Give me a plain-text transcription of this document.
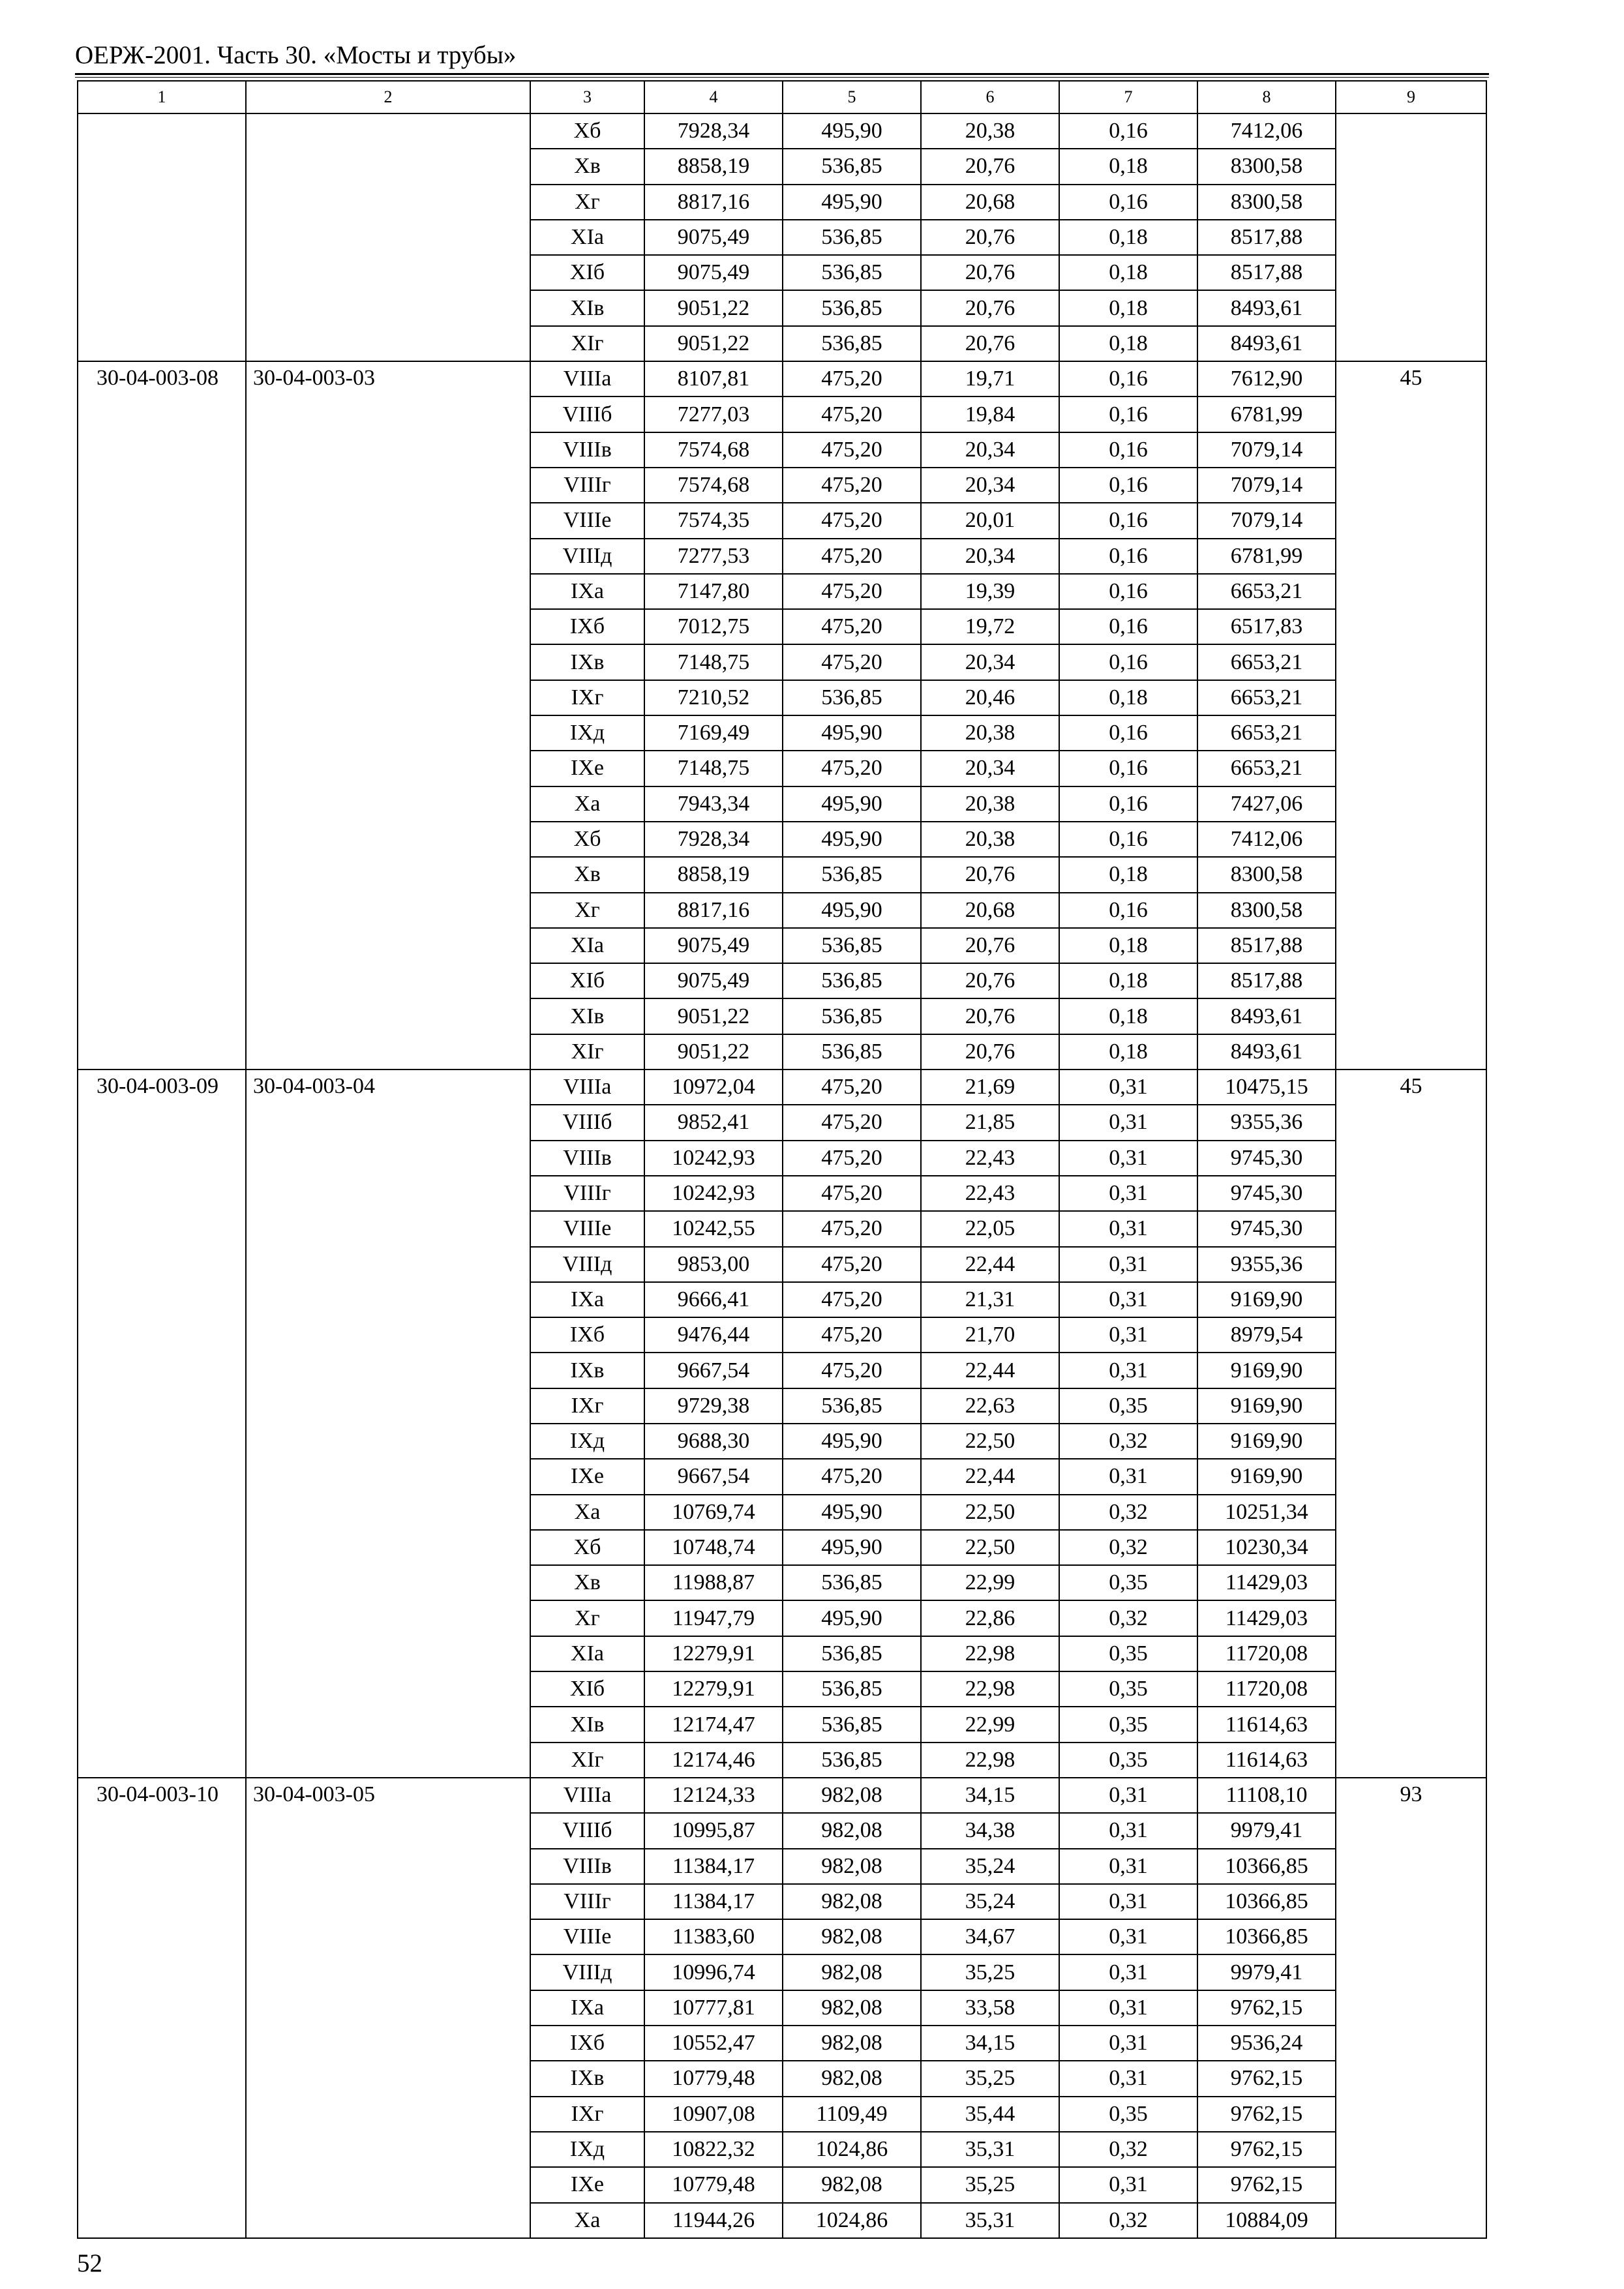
ОЕРЖ-2001. Часть 30. «Мосты и трубы»
1	2	3	4	5	6	7	8	9
		Хб	7928,34	495,90	20,38	0,16	7412,06	
		Хв	8858,19	536,85	20,76	0,18	8300,58	
		Хг	8817,16	495,90	20,68	0,16	8300,58	
		ХIа	9075,49	536,85	20,76	0,18	8517,88	
		ХIб	9075,49	536,85	20,76	0,18	8517,88	
		ХIв	9051,22	536,85	20,76	0,18	8493,61	
		ХIг	9051,22	536,85	20,76	0,18	8493,61	
30-04-003-08	30-04-003-03	VIIIа	8107,81	475,20	19,71	0,16	7612,90	45
		VIIIб	7277,03	475,20	19,84	0,16	6781,99	
		VIIIв	7574,68	475,20	20,34	0,16	7079,14	
		VIIIг	7574,68	475,20	20,34	0,16	7079,14	
		VIIIе	7574,35	475,20	20,01	0,16	7079,14	
		VIIIд	7277,53	475,20	20,34	0,16	6781,99	
		IХа	7147,80	475,20	19,39	0,16	6653,21	
		IХб	7012,75	475,20	19,72	0,16	6517,83	
		IХв	7148,75	475,20	20,34	0,16	6653,21	
		IХг	7210,52	536,85	20,46	0,18	6653,21	
		IХд	7169,49	495,90	20,38	0,16	6653,21	
		IХе	7148,75	475,20	20,34	0,16	6653,21	
		Ха	7943,34	495,90	20,38	0,16	7427,06	
		Хб	7928,34	495,90	20,38	0,16	7412,06	
		Хв	8858,19	536,85	20,76	0,18	8300,58	
		Хг	8817,16	495,90	20,68	0,16	8300,58	
		ХIа	9075,49	536,85	20,76	0,18	8517,88	
		ХIб	9075,49	536,85	20,76	0,18	8517,88	
		ХIв	9051,22	536,85	20,76	0,18	8493,61	
		ХIг	9051,22	536,85	20,76	0,18	8493,61	
30-04-003-09	30-04-003-04	VIIIа	10972,04	475,20	21,69	0,31	10475,15	45
		VIIIб	9852,41	475,20	21,85	0,31	9355,36	
		VIIIв	10242,93	475,20	22,43	0,31	9745,30	
		VIIIг	10242,93	475,20	22,43	0,31	9745,30	
		VIIIе	10242,55	475,20	22,05	0,31	9745,30	
		VIIIд	9853,00	475,20	22,44	0,31	9355,36	
		IХа	9666,41	475,20	21,31	0,31	9169,90	
		IХб	9476,44	475,20	21,70	0,31	8979,54	
		IХв	9667,54	475,20	22,44	0,31	9169,90	
		IХг	9729,38	536,85	22,63	0,35	9169,90	
		IХд	9688,30	495,90	22,50	0,32	9169,90	
		IХе	9667,54	475,20	22,44	0,31	9169,90	
		Ха	10769,74	495,90	22,50	0,32	10251,34	
		Хб	10748,74	495,90	22,50	0,32	10230,34	
		Хв	11988,87	536,85	22,99	0,35	11429,03	
		Хг	11947,79	495,90	22,86	0,32	11429,03	
		ХIа	12279,91	536,85	22,98	0,35	11720,08	
		ХIб	12279,91	536,85	22,98	0,35	11720,08	
		ХIв	12174,47	536,85	22,99	0,35	11614,63	
		ХIг	12174,46	536,85	22,98	0,35	11614,63	
30-04-003-10	30-04-003-05	VIIIа	12124,33	982,08	34,15	0,31	11108,10	93
		VIIIб	10995,87	982,08	34,38	0,31	9979,41	
		VIIIв	11384,17	982,08	35,24	0,31	10366,85	
		VIIIг	11384,17	982,08	35,24	0,31	10366,85	
		VIIIе	11383,60	982,08	34,67	0,31	10366,85	
		VIIIд	10996,74	982,08	35,25	0,31	9979,41	
		IХа	10777,81	982,08	33,58	0,31	9762,15	
		IХб	10552,47	982,08	34,15	0,31	9536,24	
		IХв	10779,48	982,08	35,25	0,31	9762,15	
		IХг	10907,08	1109,49	35,44	0,35	9762,15	
		IХд	10822,32	1024,86	35,31	0,32	9762,15	
		IХе	10779,48	982,08	35,25	0,31	9762,15	
		Ха	11944,26	1024,86	35,31	0,32	10884,09	
52
